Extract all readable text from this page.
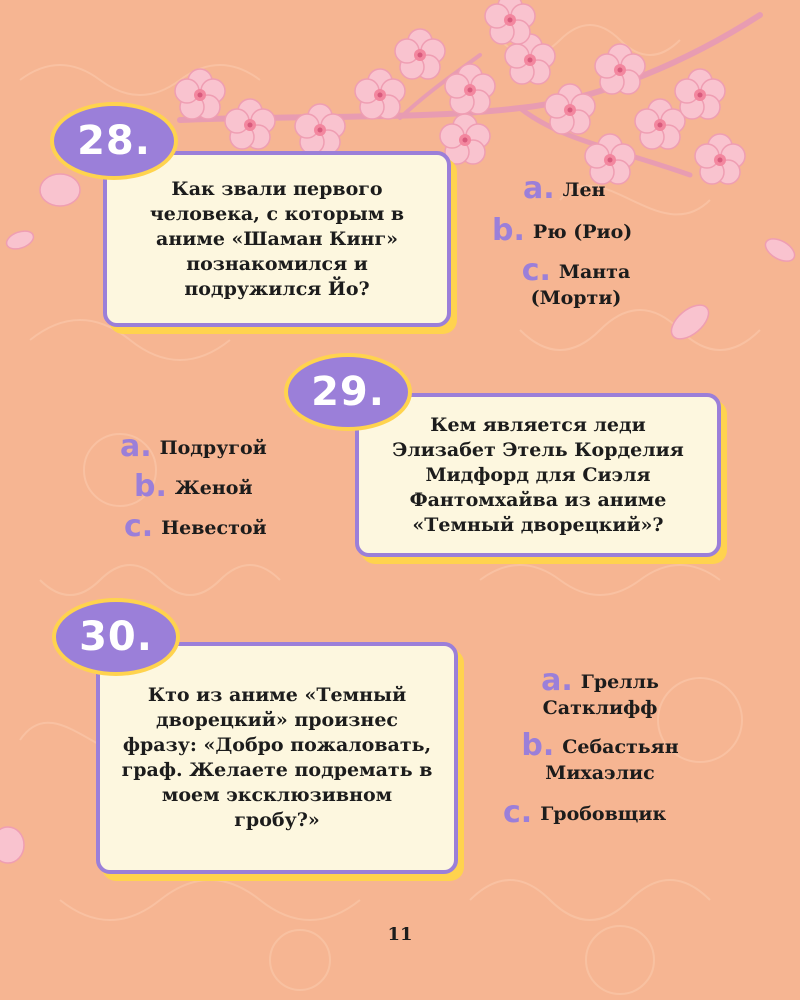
Как звали первого человека, с которым в аниме «Шаман Кинг» познакомился и подружился Йо?
28.
a. Лен
b. Рю (Рио)
c. Манта (Морти)
Кем является леди Элизабет Этель Корделия Мидфорд для Сиэля Фантомхайва из аниме «Темный дворецкий»?
29.
a. Подругой
b. Женой
c. Невестой
Кто из аниме «Темный дворецкий» произнес фразу: «Добро пожаловать, граф. Желаете подремать в моем эксклюзивном гробу?»
30.
a. Грелль Сатклифф
b. Себастьян Михаэлис
c. Гробовщик
11
